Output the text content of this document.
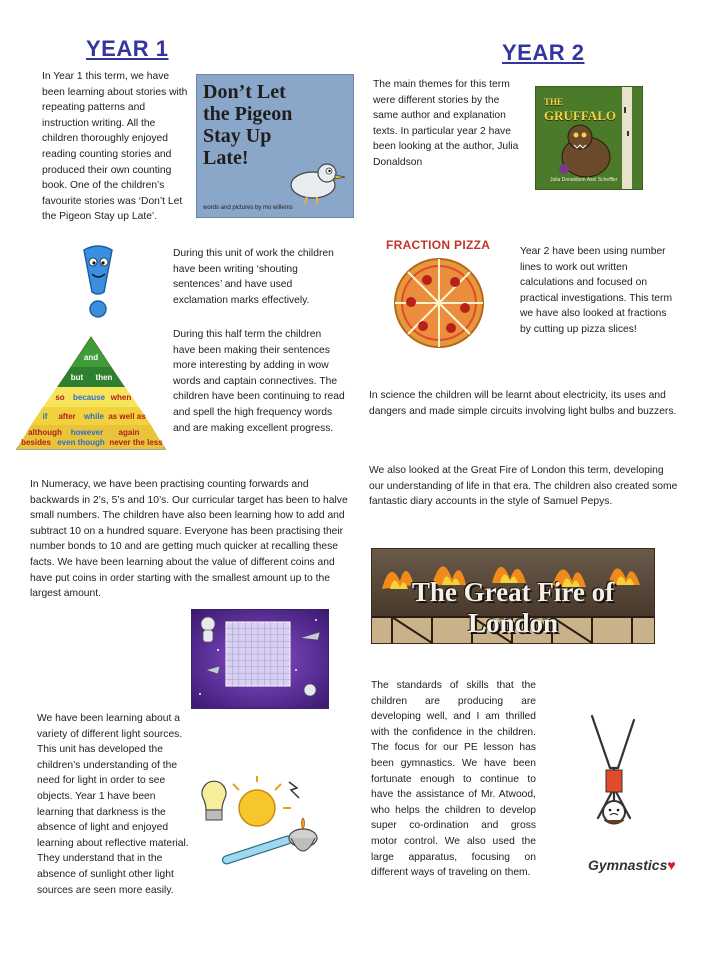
YEAR 1	YEAR 2
In Year 1 this term, we have been learning about stories with repeating patterns and instruction writing. All the children thoroughly enjoyed reading counting stories and produced their own counting book. One of the children’s favourite stories was ‘Don’t Let the Pigeon Stay up Late’.
Don’t Let
the Pigeon
Stay Up
Late!
words and pictures by mo willems
During this unit of work the children have been writing ‘shouting sentences’ and have used exclamation marks effectively.
During this half term the children have been making their sentences more interesting by adding in wow words and captain connectives. The children have been continuing to read and spell the high frequency words and are making excellent progress.
and
but	then
so	because when
if	after	while as well as
although	however	again
besides even though never the less
In Numeracy, we have been practising counting forwards and backwards in 2’s, 5’s and 10’s. Our curricular target has been to halve small numbers. The children have also been learning how to add and subtract 10 on a hundred square. Everyone has been practising their number bonds to 10 and are getting much quicker at recalling these facts. We have been learning about the value of different coins and have put coins in order starting with the smallest amount up to the largest amount.
We have been learning about a variety of different light sources. This unit has developed the children’s understanding of the need for light in order to see objects. Year 1 have been learning that darkness is the absence of light and enjoyed learning about reflective material. They understand that in the absence of sunlight other light sources are seen more easily.
The main themes for this term were different stories by the same author and explanation texts. In particular year 2 have been looking at the author, Julia Donaldson
THE
GRUFFALO
Julia Donaldson Axel Scheffler
FRACTION PIZZA	Year 2 have been using number lines to work out written calculations and focused on practical investigations. This term we have also looked at fractions by cutting up pizza slices!
In science the children will be learnt about electricity, its uses and dangers and made simple circuits involving light bulbs and buzzers.
We also looked at the Great Fire of London this term, developing our understanding of life in that era. The children also created some fantastic diary accounts in the style of Samuel Pepys.
The Great Fire of London
The standards of skills that the children are producing are developing well, and I am thrilled with the confidence in the children. The focus for our PE lesson has been gymnastics. We have been fortunate enough to continue to have the assistance of Mr. Atwood, who helps the children to develop super co-ordination and gross motor control. We also used the large apparatus, focusing on different ways of traveling on them.	Gymnastics♥
